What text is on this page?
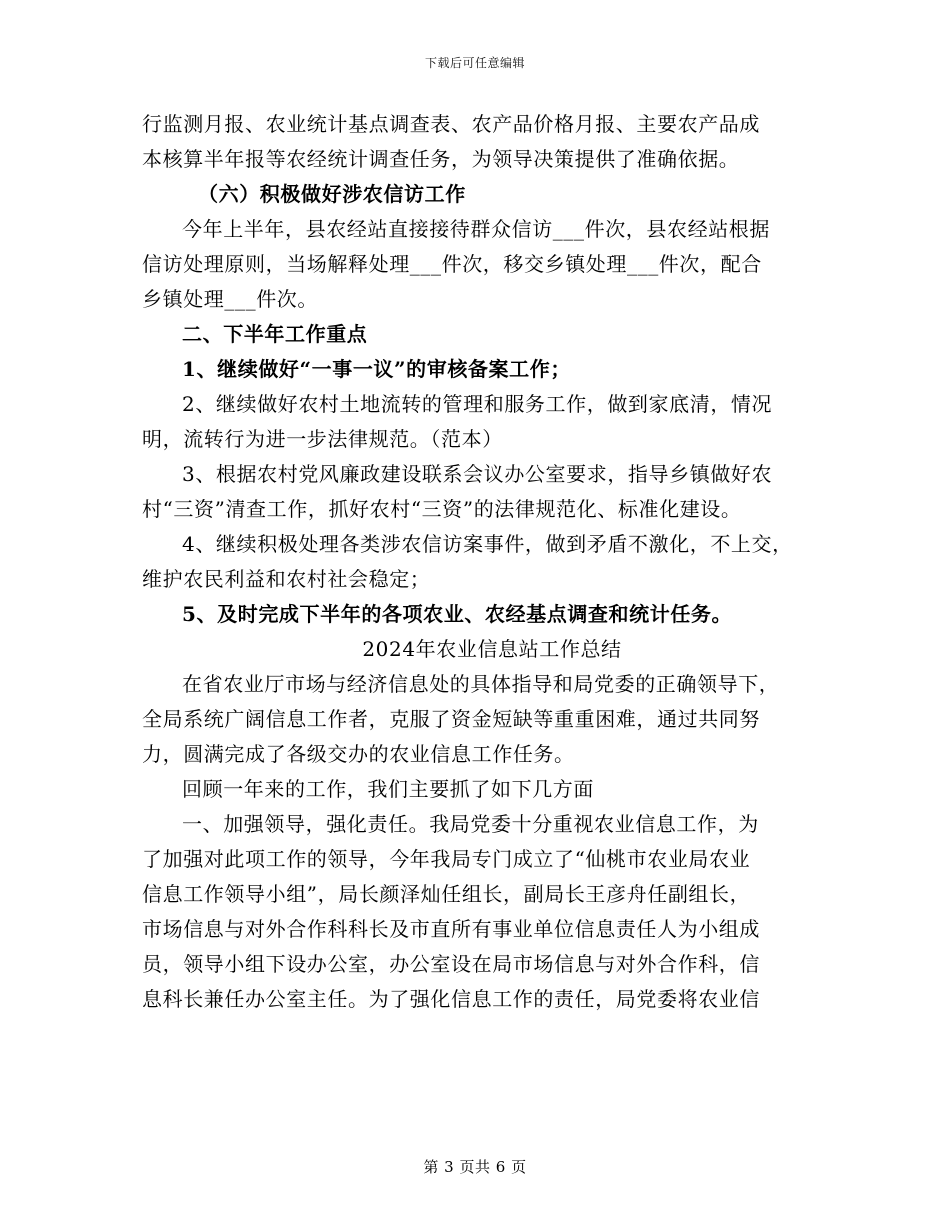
下载后可任意编辑
行监测月报、农业统计基点调查表、农产品价格月报、主要农产品成
本核算半年报等农经统计调查任务，为领导决策提供了准确依据。
（六）积极做好涉农信访工作
今年上半年，县农经站直接接待群众信访___件次，县农经站根据
信访处理原则，当场解释处理___件次，移交乡镇处理___件次，配合
乡镇处理___件次。
二、下半年工作重点
1、继续做好“一事一议”的审核备案工作；
2、继续做好农村土地流转的管理和服务工作，做到家底清，情况
明，流转行为进一步法律规范。（范本）
3、根据农村党风廉政建设联系会议办公室要求，指导乡镇做好农
村“三资”清查工作，抓好农村“三资”的法律规范化、标准化建设。
4、继续积极处理各类涉农信访案事件，做到矛盾不激化，不上交，
维护农民利益和农村社会稳定；
5、及时完成下半年的各项农业、农经基点调查和统计任务。
2024年农业信息站工作总结
在省农业厅市场与经济信息处的具体指导和局党委的正确领导下，
全局系统广阔信息工作者，克服了资金短缺等重重困难，通过共同努
力，圆满完成了各级交办的农业信息工作任务。
回顾一年来的工作，我们主要抓了如下几方面
一、加强领导，强化责任。我局党委十分重视农业信息工作，为
了加强对此项工作的领导，今年我局专门成立了“仙桃市农业局农业
信息工作领导小组”，局长颜泽灿任组长，副局长王彦舟任副组长，
市场信息与对外合作科科长及市直所有事业单位信息责任人为小组成
员，领导小组下设办公室，办公室设在局市场信息与对外合作科，信
息科长兼任办公室主任。为了强化信息工作的责任，局党委将农业信
第 3 页共 6 页
